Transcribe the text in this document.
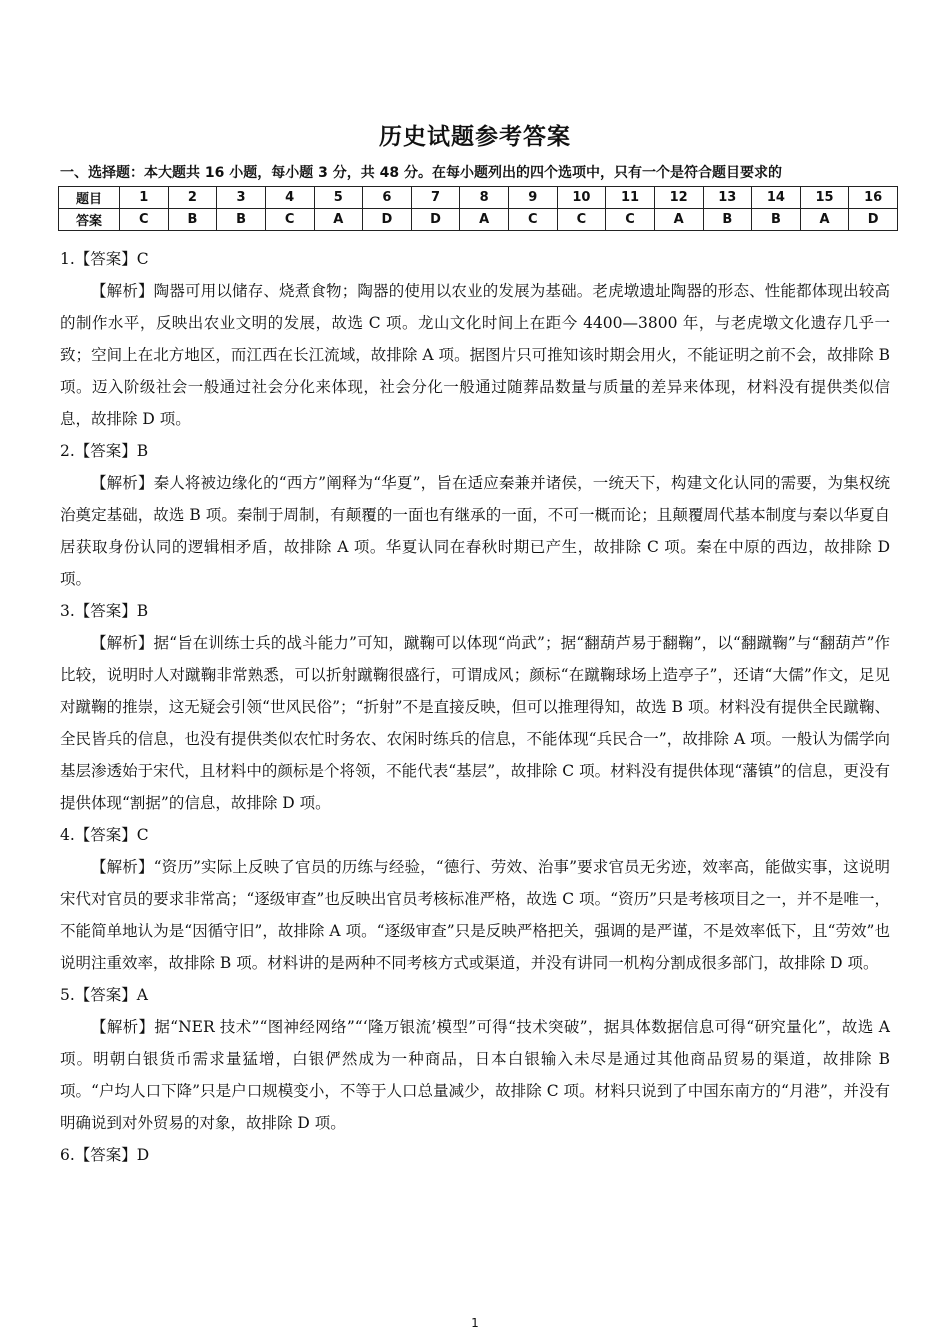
历史试题参考答案
一、选择题：本大题共 16 小题，每小题 3 分，共 48 分。在每小题列出的四个选项中，只有一个是符合题目要求的
题目	1	2	3	4	5	6	7	8	9	10	11	12	13	14	15	16
答案	C	B	B	C	A	D	D	A	C	C	C	A	B	B	A	D
1.【答案】C

【解析】陶器可用以储存、烧煮食物；陶器的使用以农业的发展为基础。老虎墩遗址陶器的形态、性能都体现出较高的制作水平，反映出农业文明的发展，故选 C 项。龙山文化时间上在距今 4400—3800 年，与老虎墩文化遗存几乎一致；空间上在北方地区，而江西在长江流域，故排除 A 项。据图片只可推知该时期会用火，不能证明之前不会，故排除 B 项。迈入阶级社会一般通过社会分化来体现，社会分化一般通过随葬品数量与质量的差异来体现，材料没有提供类似信息，故排除 D 项。

2.【答案】B

【解析】秦人将被边缘化的“西方”阐释为“华夏”，旨在适应秦兼并诸侯，一统天下，构建文化认同的需要，为集权统治奠定基础，故选 B 项。秦制于周制，有颠覆的一面也有继承的一面，不可一概而论；且颠覆周代基本制度与秦以华夏自居获取身份认同的逻辑相矛盾，故排除 A 项。华夏认同在春秋时期已产生，故排除 C 项。秦在中原的西边，故排除 D 项。

3.【答案】B

【解析】据“旨在训练士兵的战斗能力”可知，蹴鞠可以体现“尚武”；据“翻葫芦易于翻鞠”，以“翻蹴鞠”与“翻葫芦”作比较，说明时人对蹴鞠非常熟悉，可以折射蹴鞠很盛行，可谓成风；颜标“在蹴鞠球场上造亭子”，还请“大儒”作文，足见对蹴鞠的推崇，这无疑会引领“世风民俗”；“折射”不是直接反映，但可以推理得知，故选 B 项。材料没有提供全民蹴鞠、全民皆兵的信息，也没有提供类似农忙时务农、农闲时练兵的信息，不能体现“兵民合一”，故排除 A 项。一般认为儒学向基层渗透始于宋代，且材料中的颜标是个将领，不能代表“基层”，故排除 C 项。材料没有提供体现“藩镇”的信息，更没有提供体现“割据”的信息，故排除 D 项。

4.【答案】C

【解析】“资历”实际上反映了官员的历练与经验，“德行、劳效、治事”要求官员无劣迹，效率高，能做实事，这说明宋代对官员的要求非常高；“逐级审查”也反映出官员考核标准严格，故选 C 项。“资历”只是考核项目之一，并不是唯一，不能简单地认为是“因循守旧”，故排除 A 项。“逐级审查”只是反映严格把关，强调的是严谨，不是效率低下，且“劳效”也说明注重效率，故排除 B 项。材料讲的是两种不同考核方式或渠道，并没有讲同一机构分割成很多部门，故排除 D 项。

5.【答案】A

【解析】据“NER 技术”“图神经网络”“‘隆万银流’模型”可得“技术突破”，据具体数据信息可得“研究量化”，故选 A 项。明朝白银货币需求量猛增，白银俨然成为一种商品，日本白银输入未尽是通过其他商品贸易的渠道，故排除 B 项。“户均人口下降”只是户口规模变小，不等于人口总量减少，故排除 C 项。材料只说到了中国东南方的“月港”，并没有明确说到对外贸易的对象，故排除 D 项。

6.【答案】D
1
